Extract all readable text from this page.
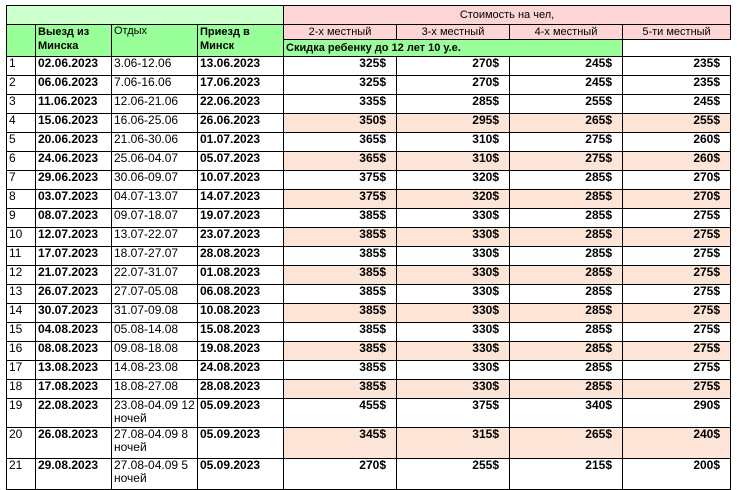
				Стоимость на чел,			
	Выезд из Минска	Отдых	Приезд в Минск	2-х местный	3-х местный	4-х местный	5-ти местный
				Скидка ребенку до 12 лет 10 у.е.			
1	02.06.2023	3.06-12.06	13.06.2023	325$	270$	245$	235$
2	06.06.2023	7.06-16.06	17.06.2023	325$	270$	245$	235$
3	11.06.2023	12.06-21.06	22.06.2023	335$	285$	255$	245$
4	15.06.2023	16.06-25.06	26.06.2023	350$	295$	265$	255$
5	20.06.2023	21.06-30.06	01.07.2023	365$	310$	275$	260$
6	24.06.2023	25.06-04.07	05.07.2023	365$	310$	275$	260$
7	29.06.2023	30.06-09.07	10.07.2023	375$	320$	285$	270$
8	03.07.2023	04.07-13.07	14.07.2023	375$	320$	285$	270$
9	08.07.2023	09.07-18.07	19.07.2023	385$	330$	285$	275$
10	12.07.2023	13.07-22.07	23.07.2023	385$	330$	285$	275$
11	17.07.2023	18.07-27.07	28.08.2023	385$	330$	285$	275$
12	21.07.2023	22.07-31.07	01.08.2023	385$	330$	285$	275$
13	26.07.2023	27.07-05.08	06.08.2023	385$	330$	285$	275$
14	30.07.2023	31.07-09.08	10.08.2023	385$	330$	285$	275$
15	04.08.2023	05.08-14.08	15.08.2023	385$	330$	285$	275$
16	08.08.2023	09.08-18.08	19.08.2023	385$	330$	285$	275$
17	13.08.2023	14.08-23.08	24.08.2023	385$	330$	285$	275$
18	17.08.2023	18.08-27.08	28.08.2023	385$	330$	285$	275$
19	22.08.2023	23.08-04.09 12 ночей	05.09.2023	455$	375$	340$	290$
20	26.08.2023	27.08-04.09 8 ночей	05.09.2023	345$	315$	265$	240$
21	29.08.2023	27.08-04.09 5 ночей	05.09.2023	270$	255$	215$	200$
